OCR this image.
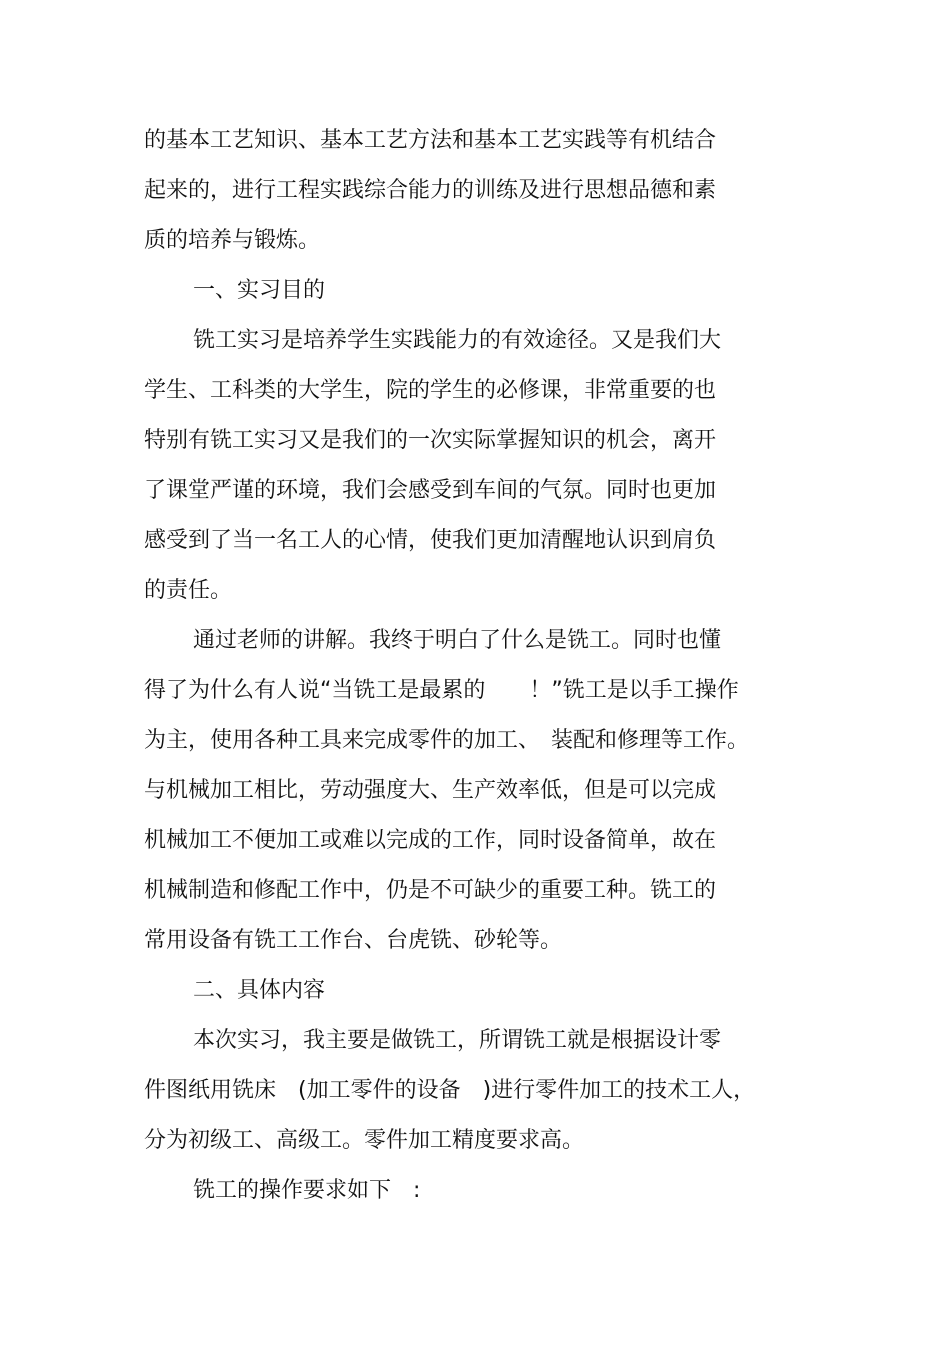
的基本工艺知识、基本工艺方法和基本工艺实践等有机结合
起来的，进行工程实践综合能力的训练及进行思想品德和素
质的培养与锻炼。
一、实习目的
铣工实习是培养学生实践能力的有效途径。又是我们大
学生、工科类的大学生，院的学生的必修课，非常重要的也
特别有铣工实习又是我们的一次实际掌握知识的机会，离开
了课堂严谨的环境，我们会感受到车间的气氛。同时也更加
感受到了当一名工人的心情，使我们更加清醒地认识到肩负
的责任。
通过老师的讲解。我终于明白了什么是铣工。同时也懂
得了为什么有人说“当铣工是最累的　　！”铣工是以手工操作
为主，使用各种工具来完成零件的加工、　装配和修理等工作。
与机械加工相比，劳动强度大、生产效率低，但是可以完成
机械加工不便加工或难以完成的工作，同时设备简单，故在
机械制造和修配工作中，仍是不可缺少的重要工种。铣工的
常用设备有铣工工作台、台虎铣、砂轮等。
二、具体内容
本次实习，我主要是做铣工，所谓铣工就是根据设计零
件图纸用铣床　(加工零件的设备　)进行零件加工的技术工人，
分为初级工、高级工。零件加工精度要求高。
铣工的操作要求如下　:
